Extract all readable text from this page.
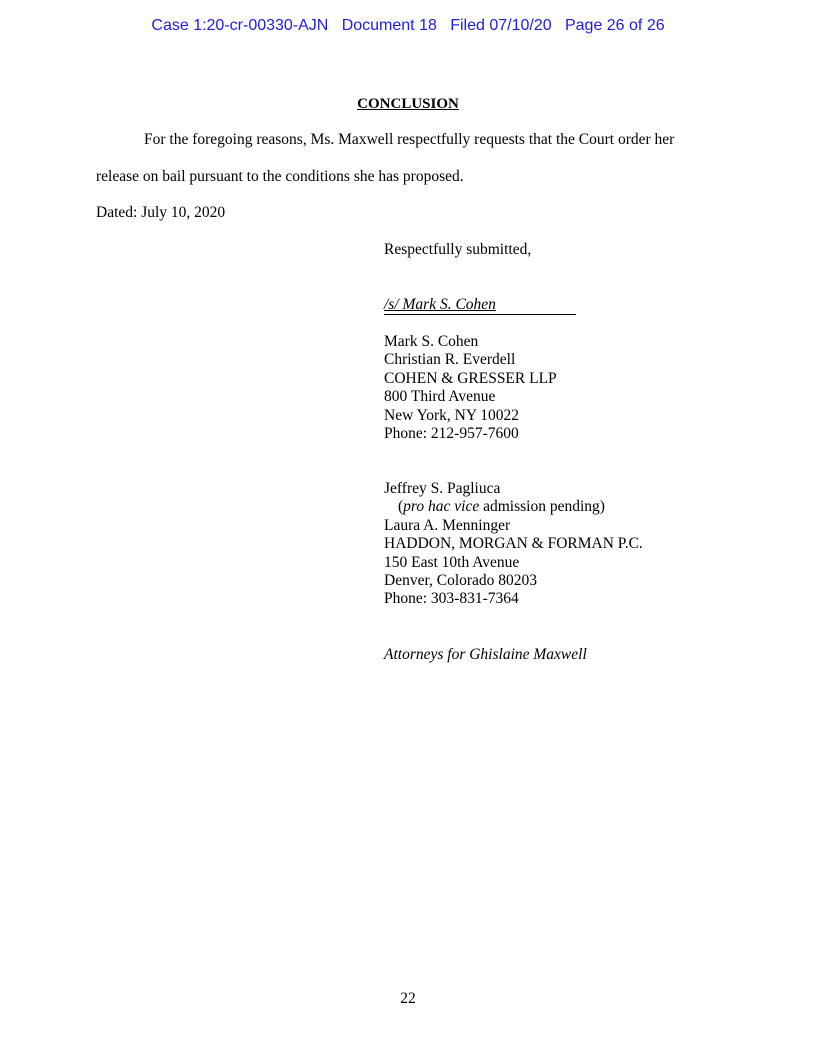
Case 1:20-cr-00330-AJN Document 18 Filed 07/10/20 Page 26 of 26
CONCLUSION
For the foregoing reasons, Ms. Maxwell respectfully requests that the Court order her
release on bail pursuant to the conditions she has proposed.
Dated: July 10, 2020
Respectfully submitted,
/s/ Mark S. Cohen
Mark S. Cohen
Christian R. Everdell
COHEN & GRESSER LLP
800 Third Avenue
New York, NY 10022
Phone: 212-957-7600
Jeffrey S. Pagliuca
(pro hac vice admission pending)
Laura A. Menninger
HADDON, MORGAN & FORMAN P.C.
150 East 10th Avenue
Denver, Colorado 80203
Phone: 303-831-7364
Attorneys for Ghislaine Maxwell
22
